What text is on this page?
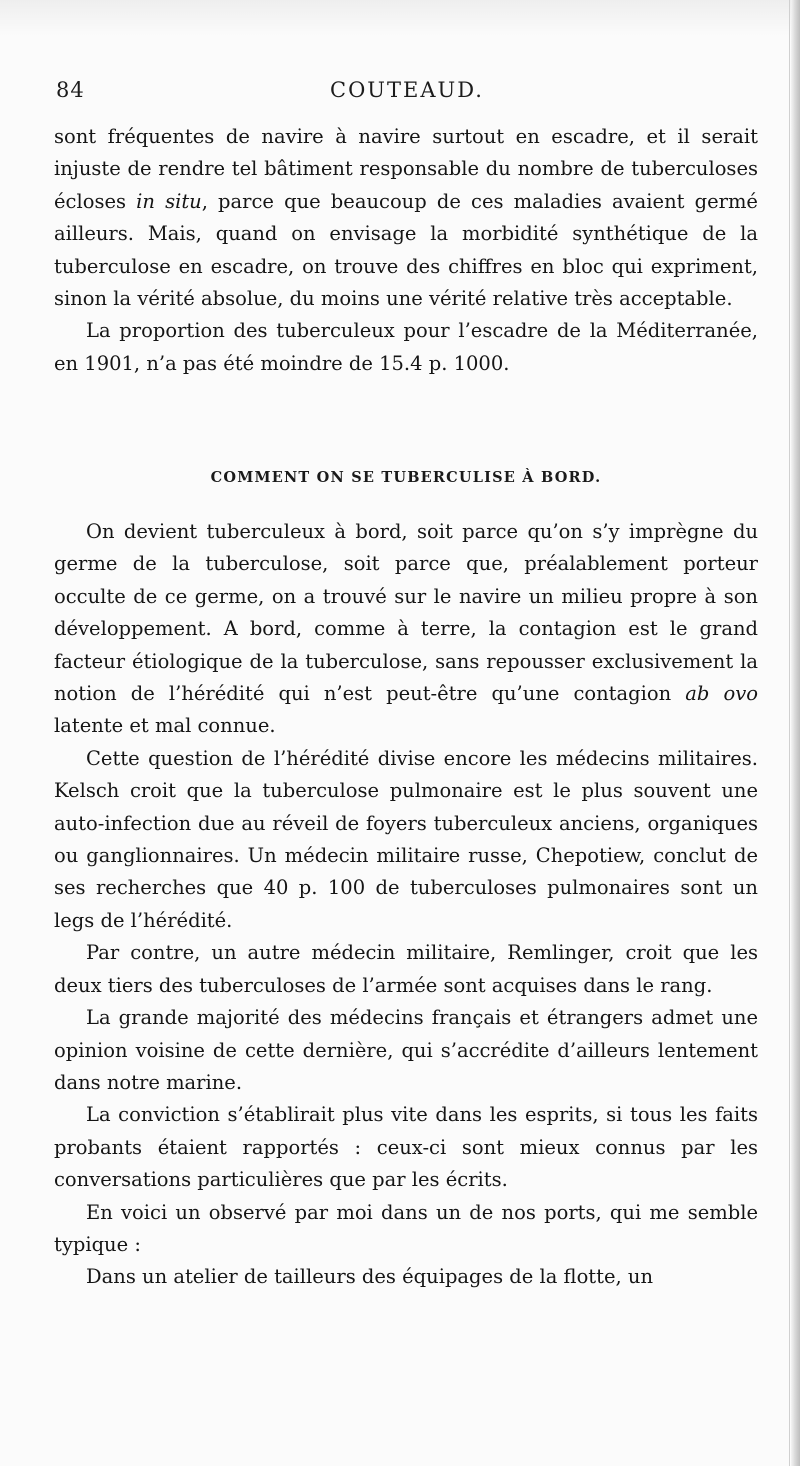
84	COUTEAUD.

sont fréquentes de navire à navire surtout en escadre, et il serait injuste de rendre tel bâtiment responsable du nombre de tuberculoses écloses in situ, parce que beaucoup de ces maladies avaient germé ailleurs. Mais, quand on envisage la morbidité synthétique de la tuberculose en escadre, on trouve des chiffres en bloc qui expriment, sinon la vérité absolue, du moins une vérité relative très acceptable.

La proportion des tuberculeux pour l’escadre de la Méditerranée, en 1901, n’a pas été moindre de 15.4 p. 1000.

COMMENT ON SE TUBERCULISE À BORD.

On devient tuberculeux à bord, soit parce qu’on s’y imprègne du germe de la tuberculose, soit parce que, préalablement porteur occulte de ce germe, on a trouvé sur le navire un milieu propre à son développement. A bord, comme à terre, la contagion est le grand facteur étiologique de la tuberculose, sans repousser exclusivement la notion de l’hérédité qui n’est peut-être qu’une contagion ab ovo latente et mal connue.

Cette question de l’hérédité divise encore les médecins militaires. Kelsch croit que la tuberculose pulmonaire est le plus souvent une auto-infection due au réveil de foyers tuberculeux anciens, organiques ou ganglionnaires. Un médecin militaire russe, Chepotiew, conclut de ses recherches que 40 p. 100 de tuberculoses pulmonaires sont un legs de l’hérédité.

Par contre, un autre médecin militaire, Remlinger, croit que les deux tiers des tuberculoses de l’armée sont acquises dans le rang.

La grande majorité des médecins français et étrangers admet une opinion voisine de cette dernière, qui s’accrédite d’ailleurs lentement dans notre marine.

La conviction s’établirait plus vite dans les esprits, si tous les faits probants étaient rapportés : ceux-ci sont mieux connus par les conversations particulières que par les écrits.

En voici un observé par moi dans un de nos ports, qui me semble typique :

Dans un atelier de tailleurs des équipages de la flotte, un
